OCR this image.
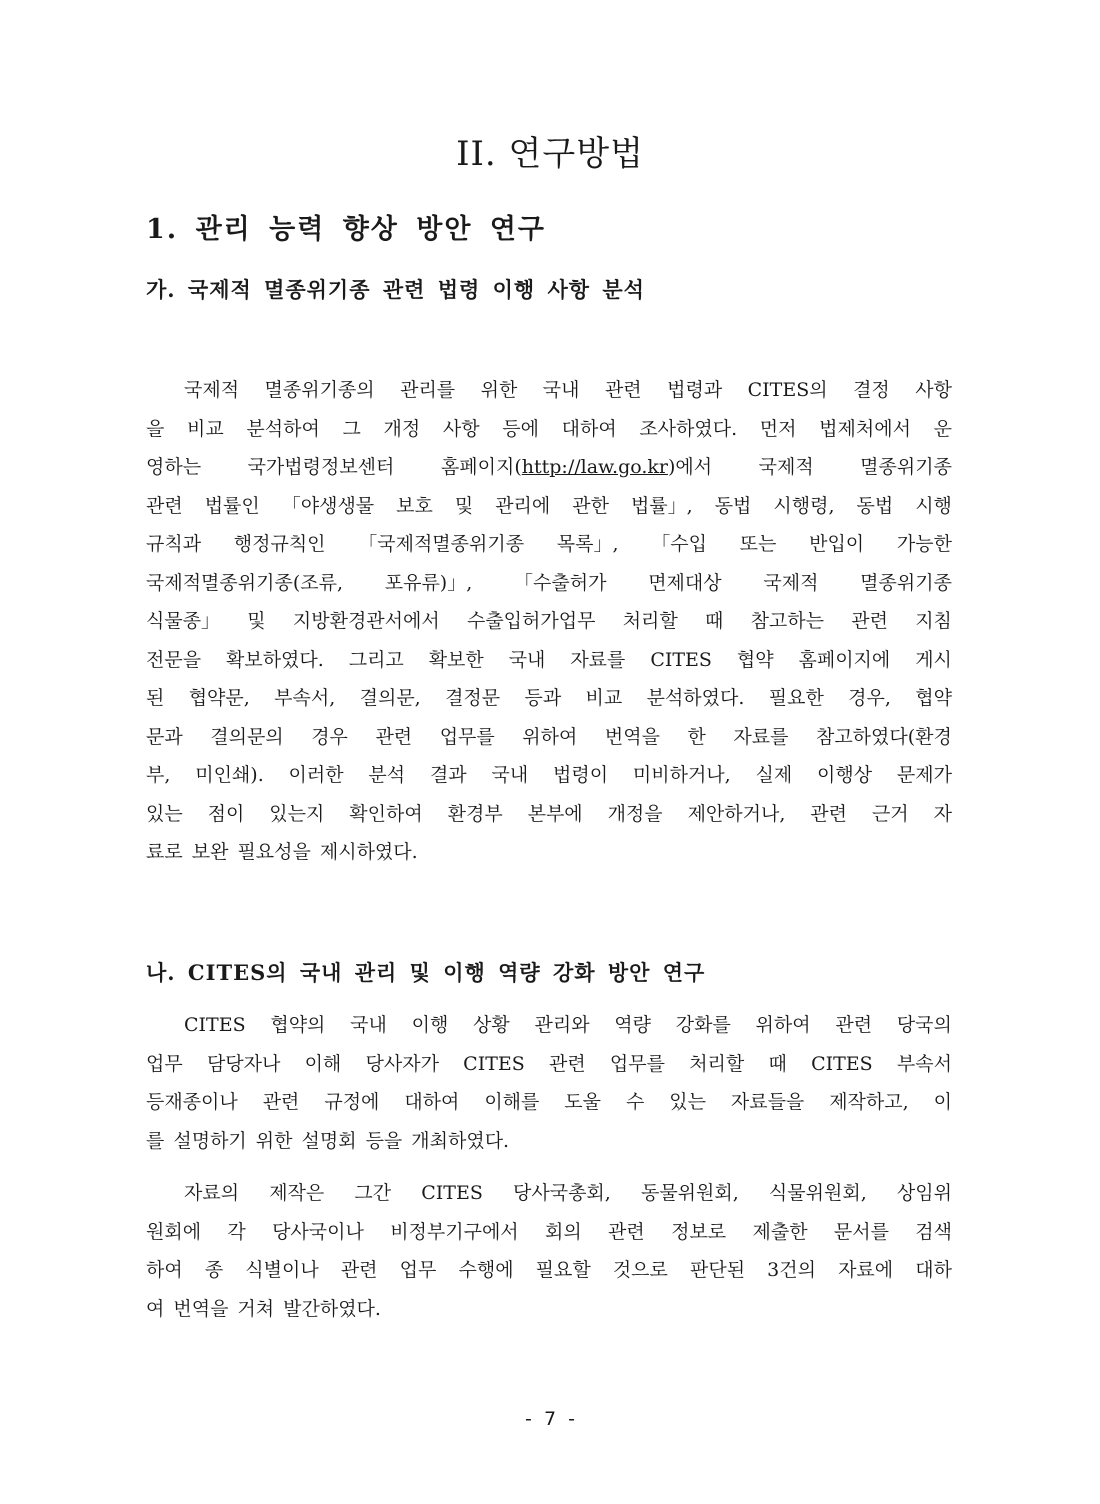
II. 연구방법
1. 관리 능력 향상 방안 연구
가. 국제적 멸종위기종 관련 법령 이행 사항 분석
국제적 멸종위기종의 관리를 위한 국내 관련 법령과 CITES의 결정 사항
을 비교 분석하여 그 개정 사항 등에 대하여 조사하였다. 먼저 법제처에서 운
영하는 국가법령정보센터 홈페이지(http://law.go.kr)에서 국제적 멸종위기종
관련 법률인 「야생생물 보호 및 관리에 관한 법률」, 동법 시행령, 동법 시행
규칙과 행정규칙인 「국제적멸종위기종 목록」, 「수입 또는 반입이 가능한
국제적멸종위기종(조류, 포유류)」, 「수출허가 면제대상 국제적 멸종위기종
식물종」 및 지방환경관서에서 수출입허가업무 처리할 때 참고하는 관련 지침
전문을 확보하였다. 그리고 확보한 국내 자료를 CITES 협약 홈페이지에 게시
된 협약문, 부속서, 결의문, 결정문 등과 비교 분석하였다. 필요한 경우, 협약
문과 결의문의 경우 관련 업무를 위하여 번역을 한 자료를 참고하였다(환경
부, 미인쇄). 이러한 분석 결과 국내 법령이 미비하거나, 실제 이행상 문제가
있는 점이 있는지 확인하여 환경부 본부에 개정을 제안하거나, 관련 근거 자
료로 보완 필요성을 제시하였다.
나. CITES의 국내 관리 및 이행 역량 강화 방안 연구
CITES 협약의 국내 이행 상황 관리와 역량 강화를 위하여 관련 당국의
업무 담당자나 이해 당사자가 CITES 관련 업무를 처리할 때 CITES 부속서
등재종이나 관련 규정에 대하여 이해를 도울 수 있는 자료들을 제작하고, 이
를 설명하기 위한 설명회 등을 개최하였다.
자료의 제작은 그간 CITES 당사국총회, 동물위원회, 식물위원회, 상임위
원회에 각 당사국이나 비정부기구에서 회의 관련 정보로 제출한 문서를 검색
하여 종 식별이나 관련 업무 수행에 필요할 것으로 판단된 3건의 자료에 대하
여 번역을 거쳐 발간하였다.
- 7 -
